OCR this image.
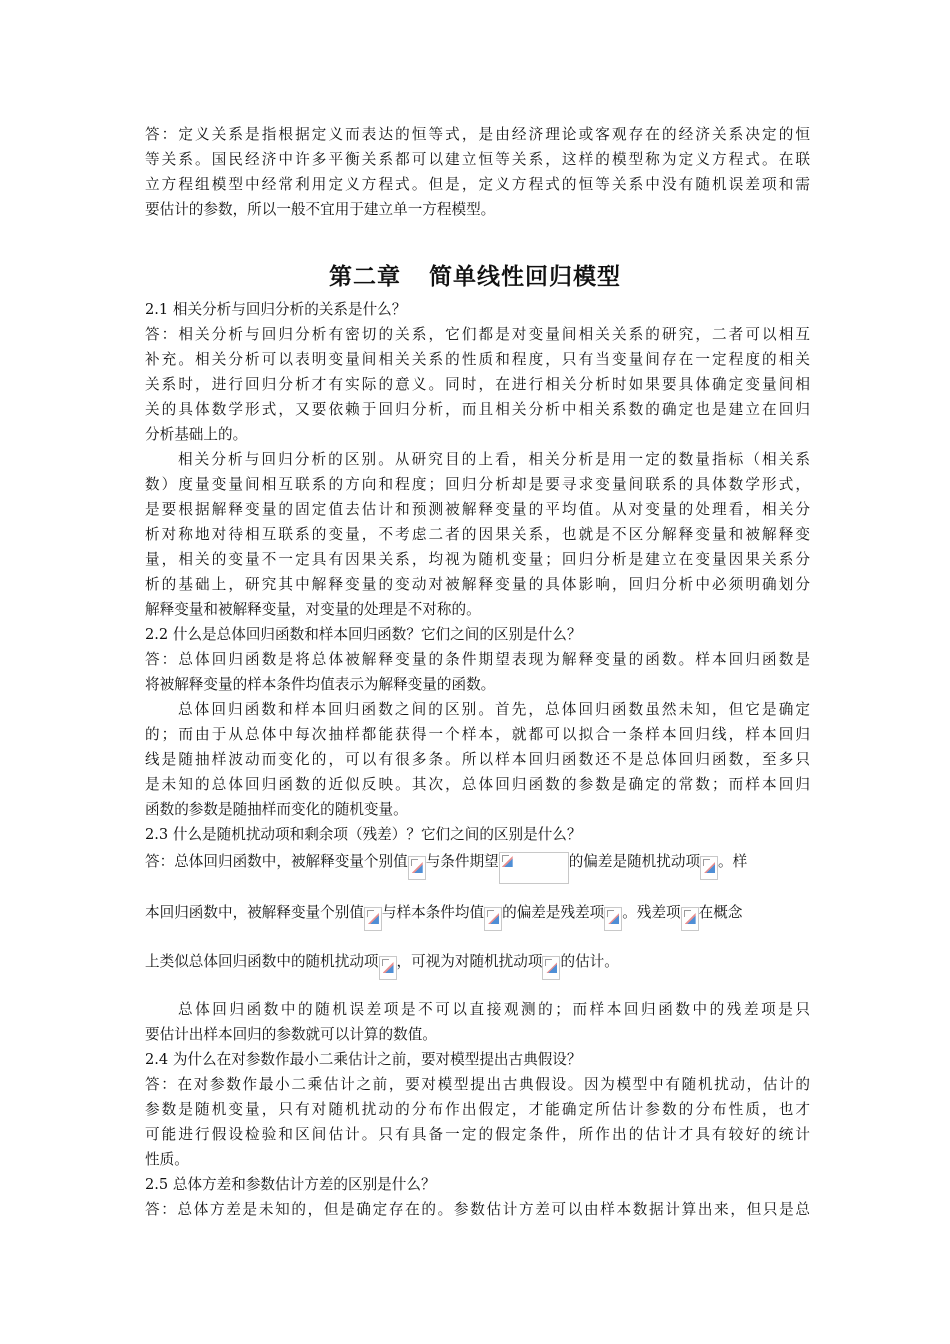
答：定义关系是指根据定义而表达的恒等式，是由经济理论或客观存在的经济关系决定的恒
等关系。国民经济中许多平衡关系都可以建立恒等关系，这样的模型称为定义方程式。在联
立方程组模型中经常利用定义方程式。但是，定义方程式的恒等关系中没有随机误差项和需
要估计的参数，所以一般不宜用于建立单一方程模型。
第二章 简单线性回归模型
2.1 相关分析与回归分析的关系是什么？
答：相关分析与回归分析有密切的关系，它们都是对变量间相关关系的研究，二者可以相互
补充。相关分析可以表明变量间相关关系的性质和程度，只有当变量间存在一定程度的相关
关系时，进行回归分析才有实际的意义。同时，在进行相关分析时如果要具体确定变量间相
关的具体数学形式，又要依赖于回归分析，而且相关分析中相关系数的确定也是建立在回归
分析基础上的。
相关分析与回归分析的区别。从研究目的上看，相关分析是用一定的数量指标（相关系
数）度量变量间相互联系的方向和程度；回归分析却是要寻求变量间联系的具体数学形式，
是要根据解释变量的固定值去估计和预测被解释变量的平均值。从对变量的处理看，相关分
析对称地对待相互联系的变量，不考虑二者的因果关系，也就是不区分解释变量和被解释变
量，相关的变量不一定具有因果关系，均视为随机变量；回归分析是建立在变量因果关系分
析的基础上，研究其中解释变量的变动对被解释变量的具体影响，回归分析中必须明确划分
解释变量和被解释变量，对变量的处理是不对称的。
2.2 什么是总体回归函数和样本回归函数？它们之间的区别是什么？
答：总体回归函数是将总体被解释变量的条件期望表现为解释变量的函数。样本回归函数是
将被解释变量的样本条件均值表示为解释变量的函数。
总体回归函数和样本回归函数之间的区别。首先，总体回归函数虽然未知，但它是确定
的；而由于从总体中每次抽样都能获得一个样本，就都可以拟合一条样本回归线，样本回归
线是随抽样波动而变化的，可以有很多条。所以样本回归函数还不是总体回归函数，至多只
是未知的总体回归函数的近似反映。其次，总体回归函数的参数是确定的常数；而样本回归
函数的参数是随抽样而变化的随机变量。
2.3 什么是随机扰动项和剩余项（残差）？它们之间的区别是什么？
答：总体回归函数中，被解释变量个别值 与条件期望	的偏差是随机扰动项 。样
本回归函数中，被解释变量个别值 与样本条件均值 的偏差是残差项 。残差项 在概念
上类似总体回归函数中的随机扰动项 ，可视为对随机扰动项 的估计。
总体回归函数中的随机误差项是不可以直接观测的；而样本回归函数中的残差项是只
要估计出样本回归的参数就可以计算的数值。
2.4 为什么在对参数作最小二乘估计之前，要对模型提出古典假设？
答：在对参数作最小二乘估计之前，要对模型提出古典假设。因为模型中有随机扰动，估计的
参数是随机变量，只有对随机扰动的分布作出假定，才能确定所估计参数的分布性质，也才
可能进行假设检验和区间估计。只有具备一定的假定条件，所作出的估计才具有较好的统计
性质。
2.5 总体方差和参数估计方差的区别是什么？
答：总体方差是未知的，但是确定存在的。参数估计方差可以由样本数据计算出来，但只是总
